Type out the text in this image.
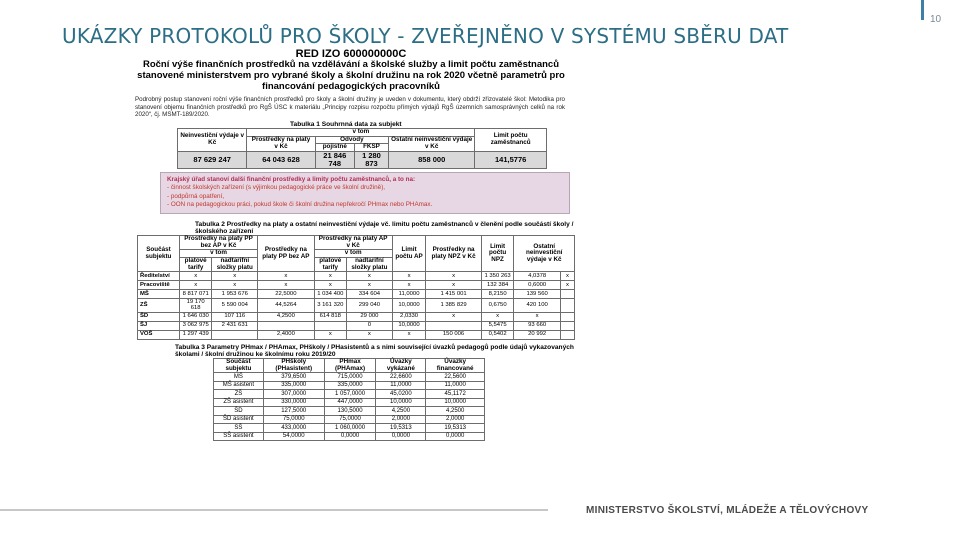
UKÁZKY PROTOKOLŮ PRO ŠKOLY - ZVEŘEJNĚNO V SYSTÉMU SBĚRU DAT
10
RED IZO 600000000C
Roční výše finančních prostředků na vzdělávání a školské služby a limit počtu zaměstnanců stanovené ministerstvem pro vybrané školy a školní družinu na rok 2020 včetně parametrů pro financování pedagogických pracovníků
Podrobný postup stanovení roční výše finančních prostředků pro školy a školní družiny je uveden v dokumentu, který obdrží zřizovatelé škol: Metodika pro stanovení objemu finančních prostředků pro RgŠ ÚSC k materiálu „Principy rozpisu rozpočtu přímých výdajů RgŠ územních samosprávných celků na rok 2020“, čj. MSMT-189/2020.
Tabulka 1 Souhrnná data za subjekt
Neinvestiční výdaje v Kč	v tom				Limit počtu zaměstnanců
	Prostředky na platy v Kč	Odvody		Ostatní neinvestiční výdaje v Kč	
		pojistné	FKSP		
87 629 247	64 043 628	21 846 748	1 280 873	858 000	141,5776
Krajský úřad stanoví další finanční prostředky a limity počtu zaměstnanců, a to na:
- činnost školských zařízení (s výjimkou pedagogické práce ve školní družině),
- podpůrná opatření,
- OON na pedagogickou práci, pokud škole či školní družina nepřekročí PHmax nebo PHAmax.
Tabulka 2 Prostředky na platy a ostatní neinvestiční výdaje vč. limitu počtu zaměstnanců v členění podle součástí školy / školského zařízení
Součást subjektu	Prostředky na platy PP bez AP v Kč		Prostředky na platy PP bez AP	Prostředky na platy AP v Kč		Limit počtu AP	Prostředky na platy NPZ v Kč	Limit počtu NPZ	Ostatní neinvestiční výdaje v Kč	
	v tom			v tom						
	platové tarify	nadtarifní složky platu		platové tarify	nadtarifní složky platu					
Ředitelství	x	x	x	x	x	x	x	1 350 263	4,0378	x
Pracoviště	x	x	x	x	x	x	x	132 384	0,6000	x
MŠ	8 817 071	1 953 676	22,5000	1 034 400	334 604	11,0000	1 415 001	8,2150	139 560	
ZŠ	19 170 618	5 590 004	44,5264	3 161 320	299 040	10,0000	1 385 829	0,6750	420 100	
ŠD	1 646 030	107 116	4,2500	614 818	29 000	2,0330	x	x	x	
ŠJ	3 062 975	2 431 631			0	10,0000		5,5475	93 660	
VOŠ	1 297 439		2,4000	x	x	x	150 006	0,5402	20 992	
Tabulka 3 Parametry PHmax / PHAmax, PHškoly / PHasistentů a s nimi související úvazků pedagogů podle údajů vykazovaných školami / školní družinou ke školnímu roku 2019/20
Součást subjektu	PHškoly (PHasistent)	PHmax (PHAmax)	Úvazky vykázané	Úvazky financované
MŠ	379,6500	715,0000	22,6600	22,5600
MŠ asistent	335,0000	335,0000	11,0000	11,0000
ZŠ	307,0000	1 057,0000	45,0200	45,1172
ZŠ asistent	330,0000	447,0000	10,0000	10,0000
ŠD	127,5000	130,5000	4,2500	4,2500
ŠD asistent	75,0000	75,0000	2,0000	2,0000
SŠ	433,0000	1 060,0000	19,5313	19,5313
SŠ asistent	54,0000	0,0000	0,0000	0,0000
MINISTERSTVO ŠKOLSTVÍ, MLÁDEŽE A TĚLOVÝCHOVY
